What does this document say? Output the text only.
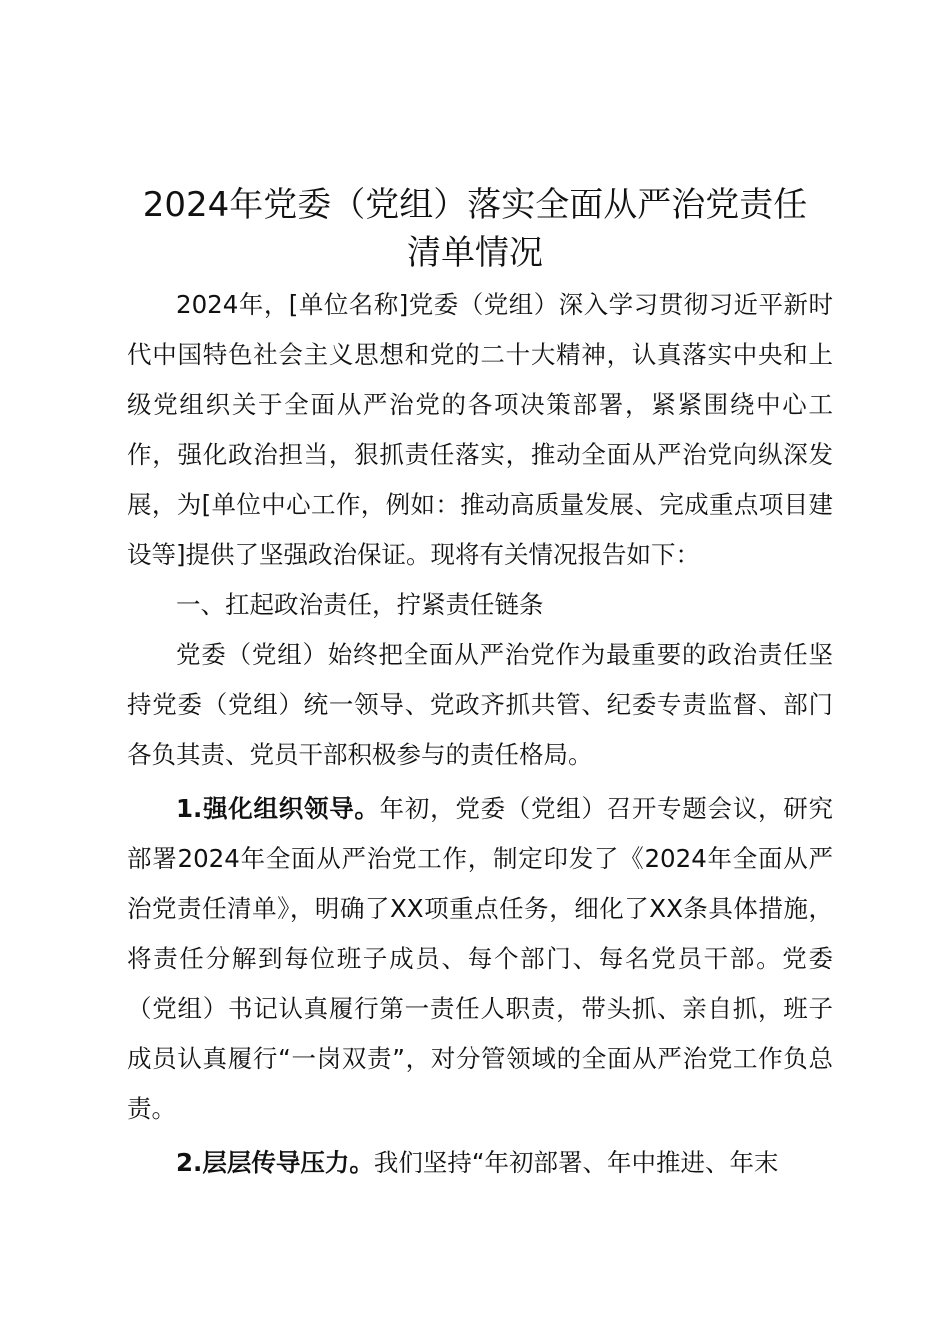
2024年党委（党组）落实全面从严治党责任
清单情况

2024年，[单位名称]党委（党组）深入学习贯彻习近平新时代中国特色社会主义思想和党的二十大精神，认真落实中央和上级党组织关于全面从严治党的各项决策部署，紧紧围绕中心工作，强化政治担当，狠抓责任落实，推动全面从严治党向纵深发展，为[单位中心工作，例如：推动高质量发展、完成重点项目建设等]提供了坚强政治保证。现将有关情况报告如下：

一、扛起政治责任，拧紧责任链条

党委（党组）始终把全面从严治党作为最重要的政治责任坚持党委（党组）统一领导、党政齐抓共管、纪委专责监督、部门各负其责、党员干部积极参与的责任格局。

1.强化组织领导。年初，党委（党组）召开专题会议，研究部署2024年全面从严治党工作，制定印发了《2024年全面从严治党责任清单》，明确了XX项重点任务，细化了XX条具体措施，将责任分解到每位班子成员、每个部门、每名党员干部。党委（党组）书记认真履行第一责任人职责，带头抓、亲自抓，班子成员认真履行“一岗双责”，对分管领域的全面从严治党工作负总责。

2.层层传导压力。我们坚持“年初部署、年中推进、年末
